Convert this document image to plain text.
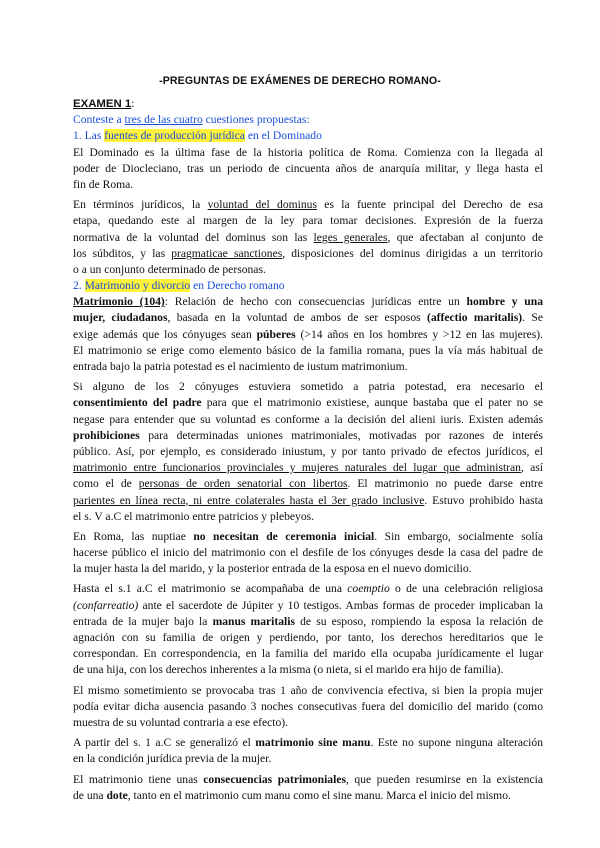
-PREGUNTAS DE EXÁMENES DE DERECHO ROMANO-
EXAMEN 1:
Conteste a tres de las cuatro cuestiones propuestas:
1. Las fuentes de producción jurídica en el Dominado
El Dominado es la última fase de la historia política de Roma. Comienza con la llegada al
poder de Diocleciano, tras un periodo de cincuenta años de anarquía militar, y llega hasta el
fin de Roma.
En términos jurídicos, la voluntad del dominus es la fuente principal del Derecho de esa
etapa, quedando este al margen de la ley para tomar decisiones. Expresión de la fuerza
normativa de la voluntad del dominus son las leges generales, que afectaban al conjunto de
los súbditos, y las pragmaticae sanctiones, disposiciones del dominus dirigidas a un territorio
o a un conjunto determinado de personas.
2. Matrimonio y divorcio en Derecho romano
Matrimonio (104): Relación de hecho con consecuencias jurídicas entre un hombre y una
mujer, ciudadanos, basada en la voluntad de ambos de ser esposos (affectio maritalis). Se
exige además que los cónyuges sean púberes (>14 años en los hombres y >12 en las mujeres).
El matrimonio se erige como elemento básico de la familia romana, pues la vía más habitual de
entrada bajo la patria potestad es el nacimiento de iustum matrimonium.
Si alguno de los 2 cónyuges estuviera sometido a patria potestad, era necesario el
consentimiento del padre para que el matrimonio existiese, aunque bastaba que el pater no se
negase para entender que su voluntad es conforme a la decisión del alieni iuris. Existen además
prohibiciones para determinadas uniones matrimoniales, motivadas por razones de interés
público. Así, por ejemplo, es considerado iniustum, y por tanto privado de efectos jurídicos, el
matrimonio entre funcionarios provinciales y mujeres naturales del lugar que administran, así
como el de personas de orden senatorial con libertos. El matrimonio no puede darse entre
parientes en línea recta, ni entre colaterales hasta el 3er grado inclusive. Estuvo prohibido hasta
el s. V a.C el matrimonio entre patricios y plebeyos.
En Roma, las nuptiae no necesitan de ceremonia inicial. Sin embargo, socialmente solía
hacerse público el inicio del matrimonio con el desfile de los cónyuges desde la casa del padre de
la mujer hasta la del marido, y la posterior entrada de la esposa en el nuevo domicilio.
Hasta el s.1 a.C el matrimonio se acompañaba de una coemptio o de una celebración religiosa
(confarreatio) ante el sacerdote de Júpiter y 10 testigos. Ambas formas de proceder implicaban la
entrada de la mujer bajo la manus maritalis de su esposo, rompiendo la esposa la relación de
agnación con su familia de origen y perdiendo, por tanto, los derechos hereditarios que le
correspondan. En correspondencia, en la familia del marido ella ocupaba jurídicamente el lugar
de una hija, con los derechos inherentes a la misma (o nieta, si el marido era hijo de familia).
El mismo sometimiento se provocaba tras 1 año de convivencia efectiva, si bien la propia mujer
podía evitar dicha ausencia pasando 3 noches consecutivas fuera del domicilio del marido (como
muestra de su voluntad contraria a ese efecto).
A partir del s. 1 a.C se generalizó el matrimonio sine manu. Este no supone ninguna alteración
en la condición jurídica previa de la mujer.
El matrimonio tiene unas consecuencias patrimoniales, que pueden resumirse en la existencia
de una dote, tanto en el matrimonio cum manu como el sine manu. Marca el inicio del mismo.
